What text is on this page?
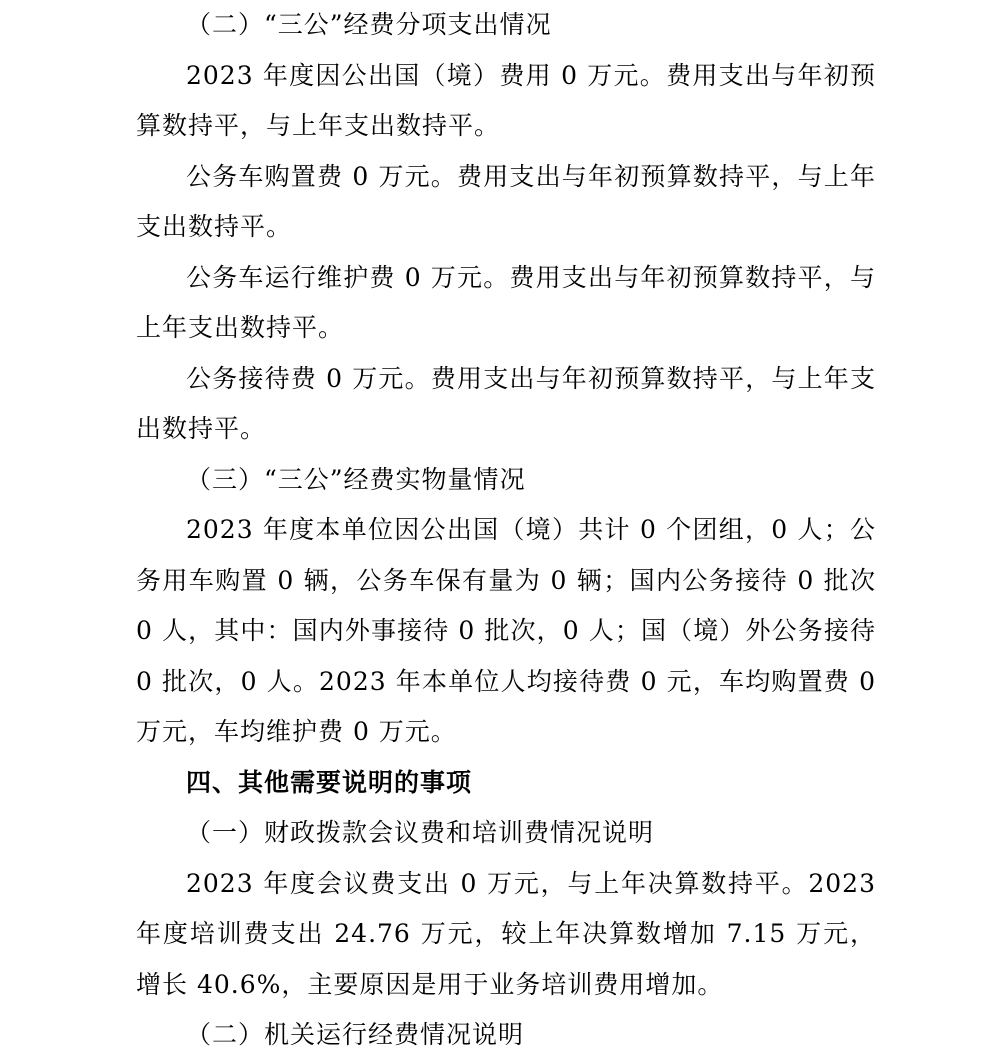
（二）“三公”经费分项支出情况

2023 年度因公出国（境）费用 0 万元。费用支出与年初预算数持平，与上年支出数持平。

公务车购置费 0 万元。费用支出与年初预算数持平，与上年支出数持平。

公务车运行维护费 0 万元。费用支出与年初预算数持平，与上年支出数持平。

公务接待费 0 万元。费用支出与年初预算数持平，与上年支出数持平。

（三）“三公”经费实物量情况

2023 年度本单位因公出国（境）共计 0 个团组，0 人；公务用车购置 0 辆，公务车保有量为 0 辆；国内公务接待 0 批次 0 人，其中：国内外事接待 0 批次，0 人；国（境）外公务接待 0 批次，0 人。2023 年本单位人均接待费 0 元，车均购置费 0 万元，车均维护费 0 万元。

四、其他需要说明的事项

（一）财政拨款会议费和培训费情况说明

2023 年度会议费支出 0 万元，与上年决算数持平。2023 年度培训费支出 24.76 万元，较上年决算数增加 7.15 万元，增长 40.6%，主要原因是用于业务培训费用增加。

（二）机关运行经费情况说明
